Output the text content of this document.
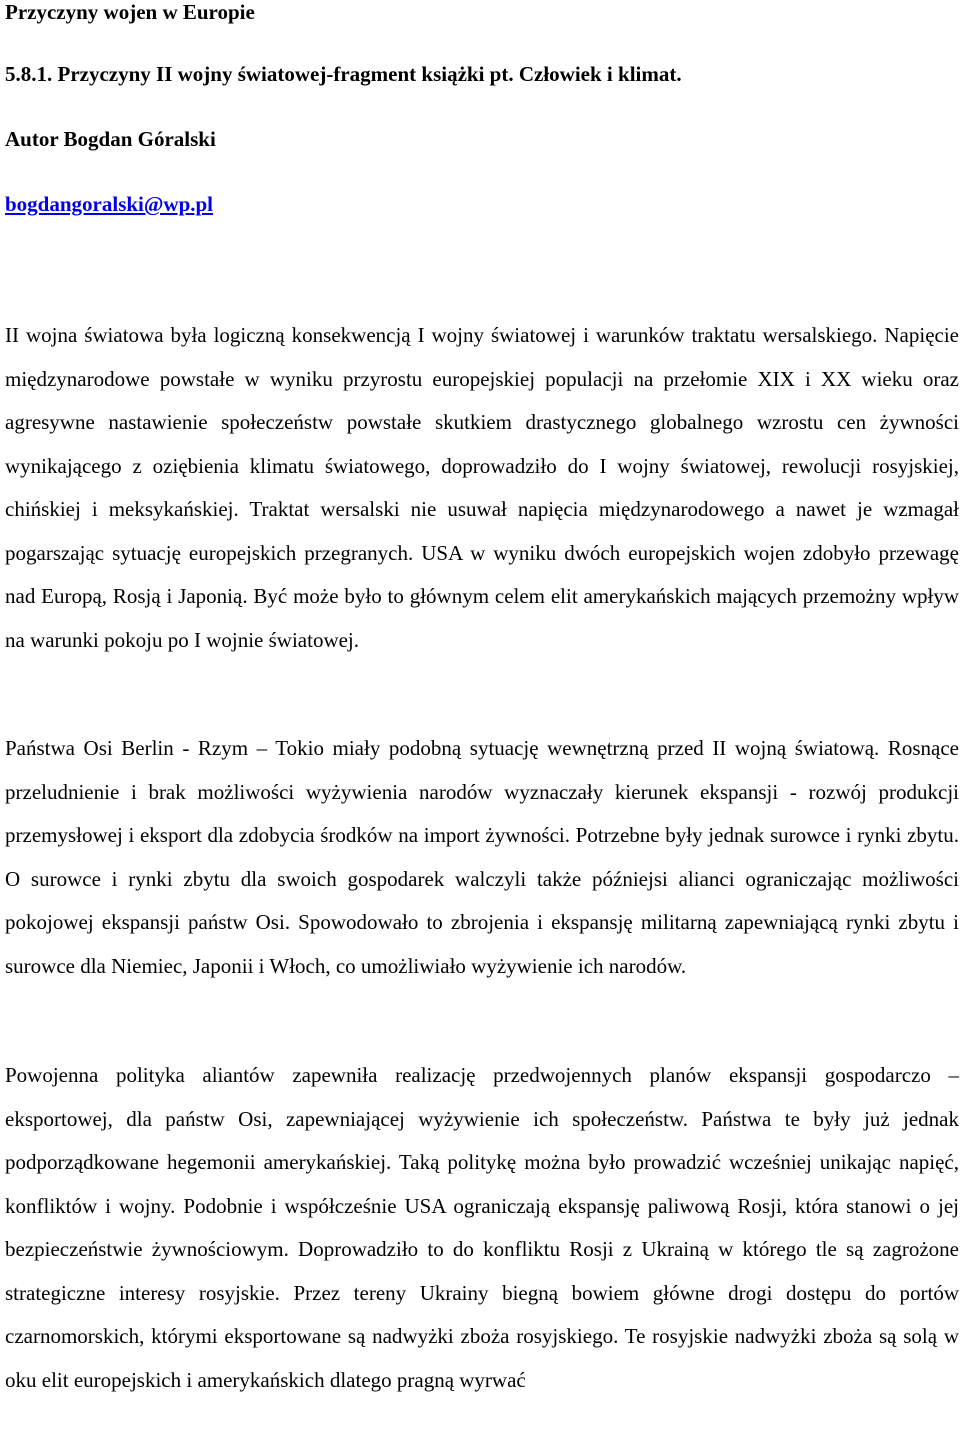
Przyczyny wojen w Europie
5.8.1. Przyczyny II wojny światowej-fragment książki pt. Człowiek i klimat.

Autor Bogdan Góralski

bogdangoralski@wp.pl

II wojna światowa była logiczną konsekwencją I wojny światowej i warunków traktatu wersalskiego. Napięcie międzynarodowe powstałe w wyniku przyrostu europejskiej populacji na przełomie XIX i XX wieku oraz agresywne nastawienie społeczeństw powstałe skutkiem drastycznego globalnego wzrostu cen żywności wynikającego z oziębienia klimatu światowego, doprowadziło do I wojny światowej, rewolucji rosyjskiej, chińskiej i meksykańskiej. Traktat wersalski nie usuwał napięcia międzynarodowego a nawet je wzmagał pogarszając sytuację europejskich przegranych. USA w wyniku dwóch europejskich wojen zdobyło przewagę nad Europą, Rosją i Japonią. Być może było to głównym celem elit amerykańskich mających przemożny wpływ na warunki pokoju po I wojnie światowej.

Państwa Osi Berlin - Rzym – Tokio miały podobną sytuację wewnętrzną przed II wojną światową. Rosnące przeludnienie i brak możliwości wyżywienia narodów wyznaczały kierunek ekspansji - rozwój produkcji przemysłowej i eksport dla zdobycia środków na import żywności. Potrzebne były jednak surowce i rynki zbytu. O surowce i rynki zbytu dla swoich gospodarek walczyli także późniejsi alianci ograniczając możliwości pokojowej ekspansji państw Osi. Spowodowało to zbrojenia i ekspansję militarną zapewniającą rynki zbytu i surowce dla Niemiec, Japonii i Włoch, co umożliwiało wyżywienie ich narodów.

Powojenna polityka aliantów zapewniła realizację przedwojennych planów ekspansji gospodarczo – eksportowej, dla państw Osi, zapewniającej wyżywienie ich społeczeństw. Państwa te były już jednak podporządkowane hegemonii amerykańskiej. Taką politykę można było prowadzić wcześniej unikając napięć, konfliktów i wojny. Podobnie i współcześnie USA ograniczają ekspansję paliwową Rosji, która stanowi o jej bezpieczeństwie żywnościowym. Doprowadziło to do konfliktu Rosji z Ukrainą w którego tle są zagrożone strategiczne interesy rosyjskie. Przez tereny Ukrainy biegną bowiem główne drogi dostępu do portów czarnomorskich, którymi eksportowane są nadwyżki zboża rosyjskiego. Te rosyjskie nadwyżki zboża są solą w oku elit europejskich i amerykańskich dlatego pragną wyrwać
